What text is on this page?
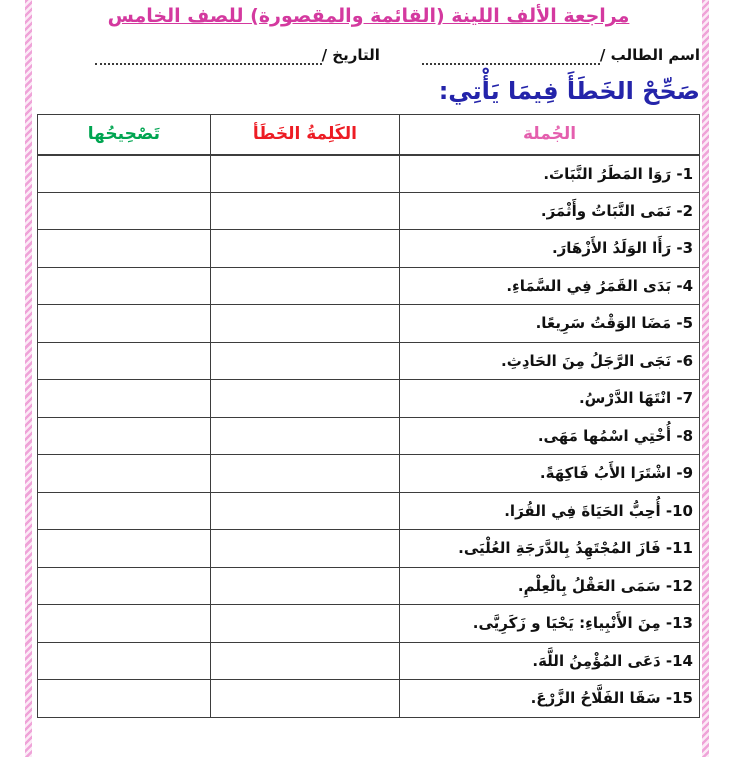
مراجعة الألف اللينة (القائمة والمقصورة) للصف الخامس
اسم الطالب /
التاريخ /
صَحِّحْ الخَطَأَ فِيمَا يَأْتِي:
الجُملة	الكَلِمةُ الخَطَأ	تَصْحِيحُها
1- رَوَا المَطَرُ النَّبَاتَ.		
2- نَمَى النَّبَاتُ وأَثْمَرَ.		
3- رَأَا الوَلَدُ الأَزْهَارَ.		
4- بَدَى القَمَرُ فِي السَّمَاءِ.		
5- مَضَا الوَقْتُ سَرِيعًا.		
6- نَجَى الرَّجَلُ مِنَ الحَادِثِ.		
7- انْتَهَا الدَّرْسُ.		
8- أُخْتِي اسْمُها مَهَى.		
9- اشْتَرَا الأَبُ فَاكِهَةً.		
10- أُحِبُّ الحَيَاةَ فِي القُرَا.		
11- فَازَ المُجْتَهِدُ بِالدَّرَجَةِ العُلْيَى.		
12- سَمَى العَقْلُ بِالْعِلْمِ.		
13- مِنَ الأَنْبِياءِ: يَحْيَا و زَكَرِيَّى.		
14- دَعَى المُؤْمِنُ اللَّهَ.		
15- سَقَا الفَلَّاحُ الزَّرْعَ.		
